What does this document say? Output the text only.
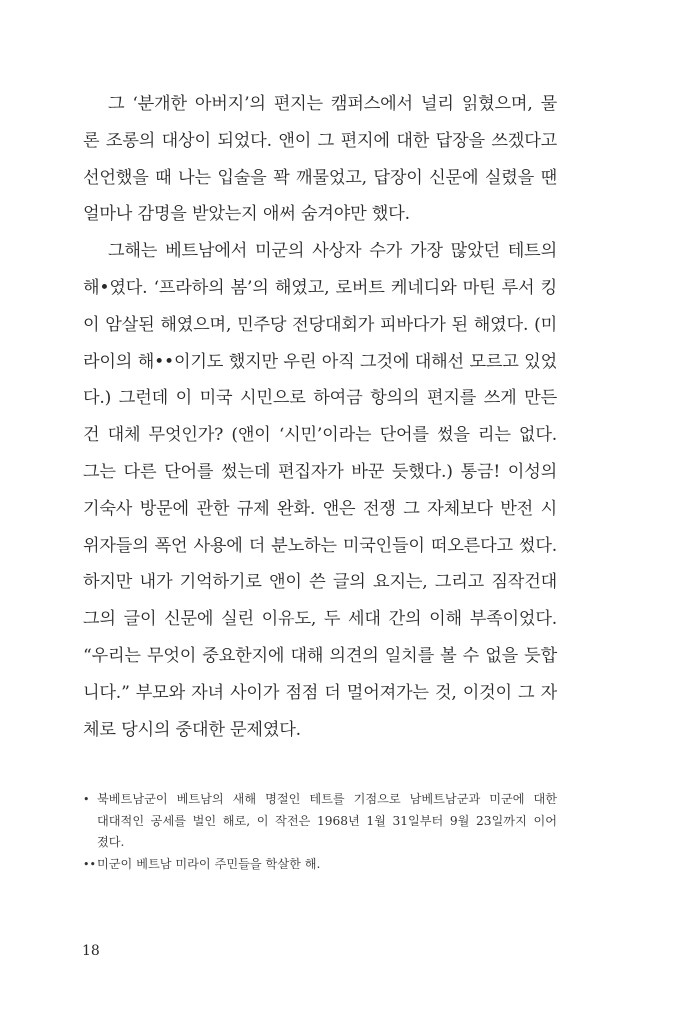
그 ‘분개한 아버지’의 편지는 캠퍼스에서 널리 읽혔으며, 물
론 조롱의 대상이 되었다. 앤이 그 편지에 대한 답장을 쓰겠다고
선언했을 때 나는 입술을 꽉 깨물었고, 답장이 신문에 실렸을 땐
얼마나 감명을 받았는지 애써 숨겨야만 했다.
그해는 베트남에서 미군의 사상자 수가 가장 많았던 테트의
해•였다. ‘프라하의 봄’의 해였고, 로버트 케네디와 마틴 루서 킹
이 암살된 해였으며, 민주당 전당대회가 피바다가 된 해였다. (미
라이의 해••이기도 했지만 우린 아직 그것에 대해선 모르고 있었
다.) 그런데 이 미국 시민으로 하여금 항의의 편지를 쓰게 만든
건 대체 무엇인가? (앤이 ‘시민’이라는 단어를 썼을 리는 없다.
그는 다른 단어를 썼는데 편집자가 바꾼 듯했다.) 통금! 이성의
기숙사 방문에 관한 규제 완화. 앤은 전쟁 그 자체보다 반전 시
위자들의 폭언 사용에 더 분노하는 미국인들이 떠오른다고 썼다.
하지만 내가 기억하기로 앤이 쓴 글의 요지는, 그리고 짐작건대
그의 글이 신문에 실린 이유도, 두 세대 간의 이해 부족이었다.
“우리는 무엇이 중요한지에 대해 의견의 일치를 볼 수 없을 듯합
니다.” 부모와 자녀 사이가 점점 더 멀어져가는 것, 이것이 그 자
체로 당시의 중대한 문제였다.
• 북베트남군이 베트남의 새해 명절인 테트를 기점으로 남베트남군과 미군에 대한
대대적인 공세를 벌인 해로, 이 작전은 1968년 1월 31일부터 9월 23일까지 이어
졌다.
•• 미군이 베트남 미라이 주민들을 학살한 해.
18
